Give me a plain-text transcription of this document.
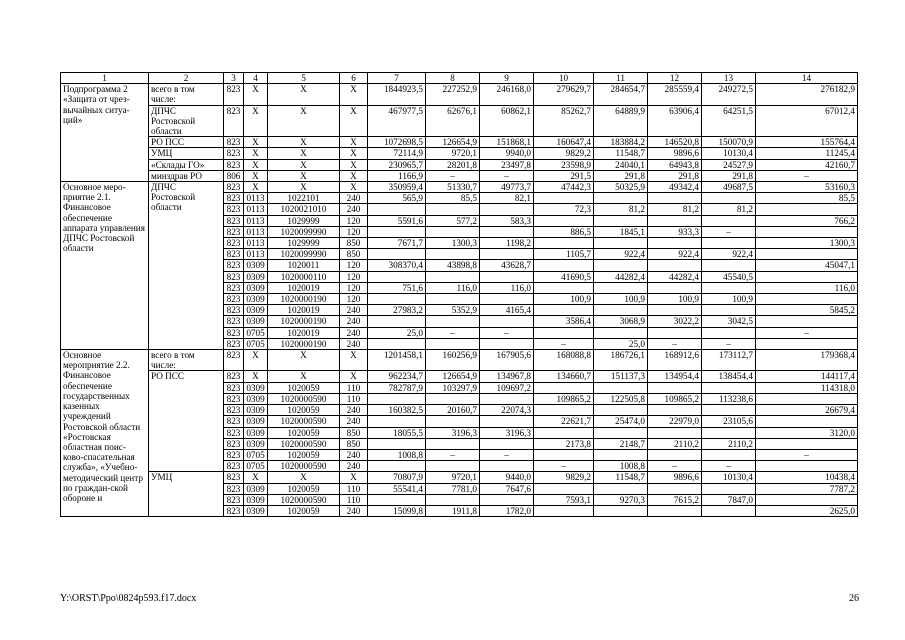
1	2	3	4	5	6	7	8	9	10	11	12	13	14
Подпрограмма 2 «Защита от чрез-вычайных ситуа-ций»	всего в том числе:	823	Х	Х	Х	1844923,5	227252,9	246168,0	279629,7	284654,7	285559,4	249272,5	276182,9
	ДПЧС Ростовской области	823	Х	Х	Х	467977,5	62676,1	60862,1	85262,7	64889,9	63906,4	64251,5	67012,4
	РО ПСС	823	Х	Х	Х	1072698,5	126654,9	151868,1	160647,4	183884,2	146520,8	150070,9	155764,4
	УМЦ	823	Х	Х	Х	72114,9	9720,1	9940,0	9829,2	11548,7	9896,6	10130,4	11245,4
	«Склады ГО»	823	Х	Х	Х	230965,7	28201,8	23497,8	23598,9	24040,1	64943,8	24527,9	42160,7
	минздрав РО	806	Х	Х	Х	1166,9	–	–	291,5	291,8	291,8	291,8	–
Основное меро-приятие 2.1. Финансовое обеспечение аппарата управления ДПЧС Ростовской области	ДПЧС Ростовской области	823	Х	Х	Х	350959,4	51330,7	49773,7	47442,3	50325,9	49342,4	49687,5	53160,3
		823	0113	1022101	240	565,9	85,5	82,1					85,5
		823	0113	1020021010	240				72,3	81,2	81,2	81,2	
		823	0113	1029999	120	5591,6	577,2	583,3					766,2
		823	0113	1020099990	120				886,5	1845,1	933,3	–	
		823	0113	1029999	850	7671,7	1300,3	1198,2					1300,3
		823	0113	1020099990	850				1105,7	922,4	922,4	922,4	
		823	0309	1020011	120	308370,4	43898,8	43628,7					45047,1
		823	0309	1020000110	120				41690,5	44282,4	44282,4	45540,5	
		823	0309	1020019	120	751,6	116,0	116,0					116,0
		823	0309	1020000190	120				100,9	100,9	100,9	100,9	
		823	0309	1020019	240	27983,2	5352,9	4165,4					5845,2
		823	0309	1020000190	240				3586,4	3068,9	3022,2	3042,5	
		823	0705	1020019	240	25,0	–	–					–
		823	0705	1020000190	240				–	25,0	–	–	
Основное мероприятие 2.2. Финансовое обеспечение государственных казенных учреждений Ростовской области «Ростовская областная поис-ково-спасательная служба», «Учебно-методический центр по граждан-ской обороне и	всего в том числе:	823	Х	Х	Х	1201458,1	160256,9	167905,6	168088,8	186726,1	168912,6	173112,7	179368,4
	РО ПСС	823	Х	Х	Х	962234,7	126654,9	134967,8	134660,7	151137,3	134954,4	138454,4	144117,4
		823	0309	1020059	110	782787,9	103297,9	109697,2					114318,0
		823	0309	1020000590	110				109865,2	122505,8	109865,2	113238,6	
		823	0309	1020059	240	160382,5	20160,7	22074,3					26679,4
		823	0309	1020000590	240				22621,7	25474,0	22979,0	23105,6	
		823	0309	1020059	850	18055,5	3196,3	3196,3					3120,0
		823	0309	1020000590	850				2173,8	2148,7	2110,2	2110,2	
		823	0705	1020059	240	1008,8	–	–					–
		823	0705	1020000590	240				–	1008,8	–	–	
	УМЦ	823	Х	Х	Х	70807,9	9720,1	9440,0	9829,2	11548,7	9896,6	10130,4	10438,4
		823	0309	1020059	110	55541,4	7781,0	7647,6					7787,2
		823	0309	1020000590	110				7593,1	9270,3	7615,2	7847,0	
		823	0309	1020059	240	15099,8	1911,8	1782,0					2625,0
Y:\ORST\Ppo\0824p593.f17.docx	26
